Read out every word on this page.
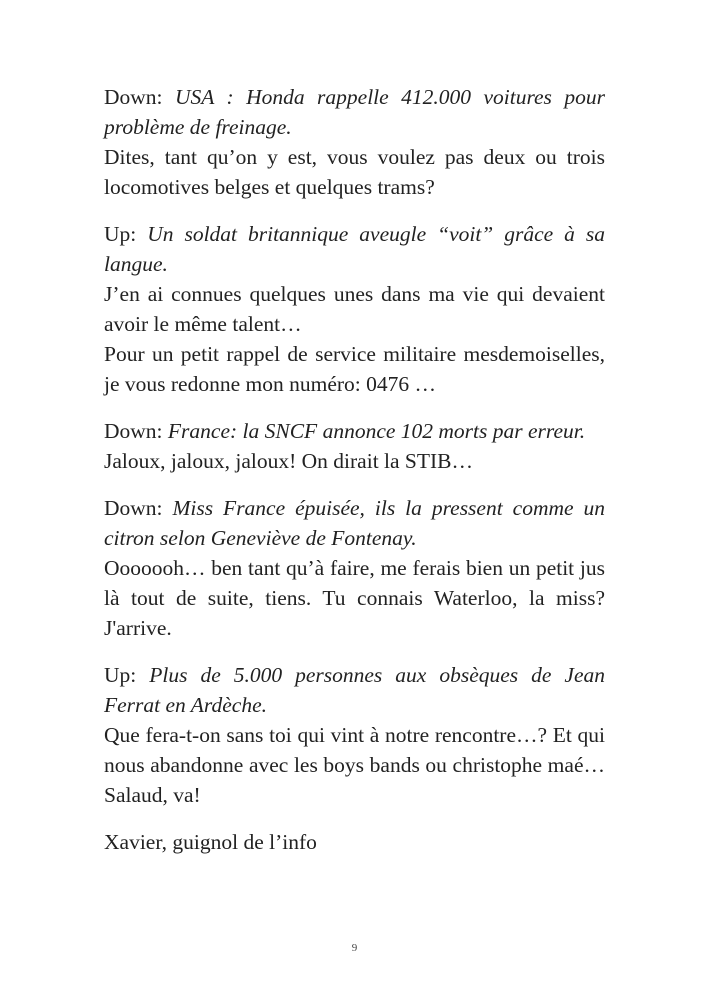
Down: USA : Honda rappelle 412.000 voitures pour problème de freinage.

Dites, tant qu’on y est, vous voulez pas deux ou trois locomotives belges et quelques trams?

Up: Un soldat britannique aveugle “voit” grâce à sa langue.

J’en ai connues quelques unes dans ma vie qui devaient avoir le même talent…

Pour un petit rappel de service militaire mesdemoiselles, je vous redonne mon numéro: 0476 …

Down: France: la SNCF annonce 102 morts par erreur.

Jaloux, jaloux, jaloux! On dirait la STIB…

Down: Miss France épuisée, ils la pressent comme un citron selon Geneviève de Fontenay.

Ooooooh… ben tant qu’à faire, me ferais bien un petit jus là tout de suite, tiens. Tu connais Waterloo, la miss? J'arrive.

Up: Plus de 5.000 personnes aux obsèques de Jean Ferrat en Ardèche.

Que fera-t-on sans toi qui vint à notre rencontre…? Et qui nous abandonne avec les boys bands ou christophe maé… Salaud, va!

Xavier, guignol de l’info

9
